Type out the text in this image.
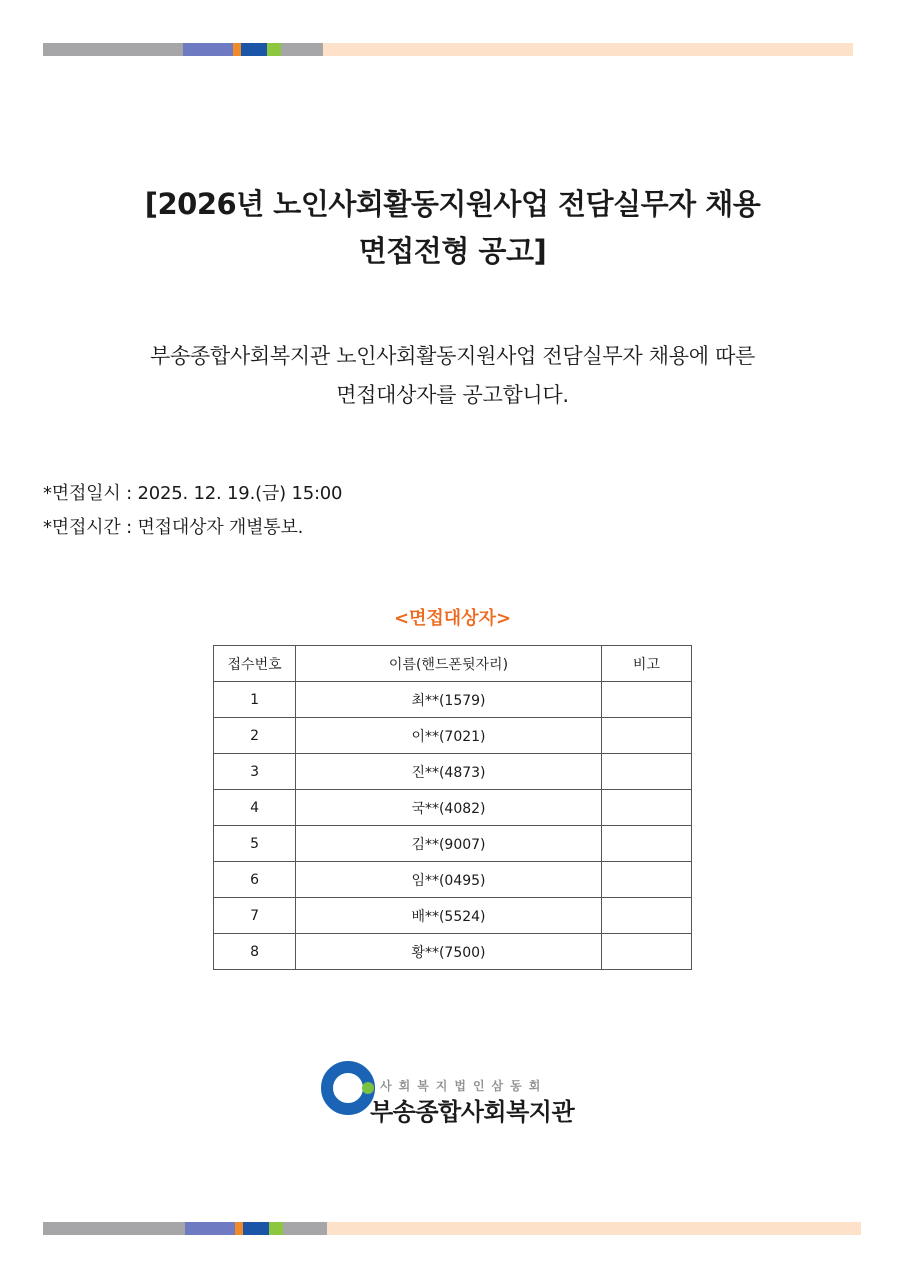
[2026년 노인사회활동지원사업 전담실무자 채용
면접전형 공고]
부송종합사회복지관 노인사회활동지원사업 전담실무자 채용에 따른
면접대상자를 공고합니다.
*면접일시 : 2025. 12. 19.(금) 15:00
*면접시간 : 면접대상자 개별통보.
<면접대상자>
접수번호	이름(핸드폰뒷자리)	비고
1	최**(1579)	
2	이**(7021)	
3	진**(4873)	
4	국**(4082)	
5	김**(9007)	
6	임**(0495)	
7	배**(5524)	
8	황**(7500)	
사회복지법인삼동회
부송종합사회복지관
